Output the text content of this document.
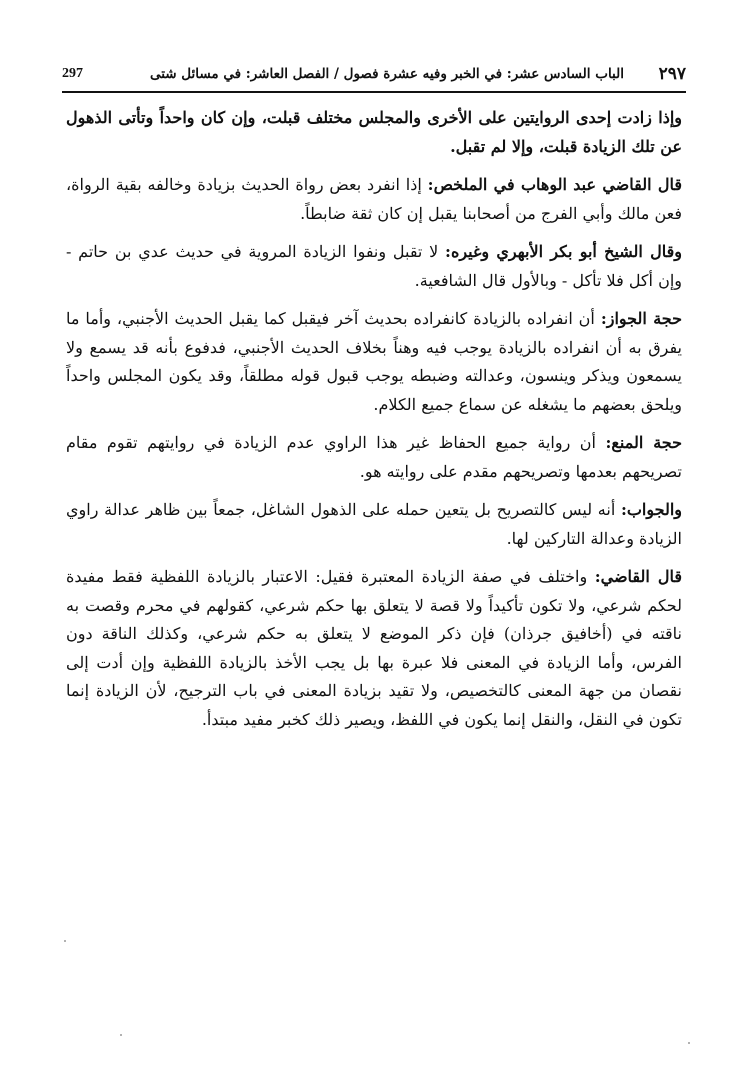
٢٩٧
الباب السادس عشر: في الخبر وفيه عشرة فصول / الفصل العاشر: في مسائل شتى
297

وإذا زادت إحدى الروايتين على الأخرى والمجلس مختلف قبلت، وإن كان واحداً وتأتى الذهول عن تلك الزيادة قبلت، وإلا لم تقبل.

قال القاضي عبد الوهاب في الملخص: إذا انفرد بعض رواة الحديث بزيادة وخالفه بقية الرواة، فعن مالك وأبي الفرج من أصحابنا يقبل إن كان ثقة ضابطاً.

وقال الشيخ أبو بكر الأبهري وغيره: لا تقبل ونفوا الزيادة المروية في حديث عدي بن حاتم - وإن أكل فلا تأكل - وبالأول قال الشافعية.

حجة الجواز: أن انفراده بالزيادة كانفراده بحديث آخر فيقبل كما يقبل الحديث الأجنبي، وأما ما يفرق به أن انفراده بالزيادة يوجب فيه وهناً بخلاف الحديث الأجنبي، فدفوع بأنه قد يسمع ولا يسمعون ويذكر وينسون، وعدالته وضبطه يوجب قبول قوله مطلقاً، وقد يكون المجلس واحداً ويلحق بعضهم ما يشغله عن سماع جميع الكلام.

حجة المنع: أن رواية جميع الحفاظ غير هذا الراوي عدم الزيادة في روايتهم تقوم مقام تصريحهم بعدمها وتصريحهم مقدم على روايته هو.

والجواب: أنه ليس كالتصريح بل يتعين حمله على الذهول الشاغل، جمعاً بين ظاهر عدالة راوي الزيادة وعدالة التاركين لها.

قال القاضي: واختلف في صفة الزيادة المعتبرة فقيل: الاعتبار بالزيادة اللفظية فقط مفيدة لحكم شرعي، ولا تكون تأكيداً ولا قصة لا يتعلق بها حكم شرعي، كقولهم في محرم وقصت به ناقته في (أخافيق جرذان) فإن ذكر الموضع لا يتعلق به حكم شرعي، وكذلك الناقة دون الفرس، وأما الزيادة في المعنى فلا عبرة بها بل يجب الأخذ بالزيادة اللفظية وإن أدت إلى نقصان من جهة المعنى كالتخصيص، ولا تقيد بزيادة المعنى في باب الترجيح، لأن الزيادة إنما تكون في النقل، والنقل إنما يكون في اللفظ، ويصير ذلك كخبر مفيد مبتدأ.
